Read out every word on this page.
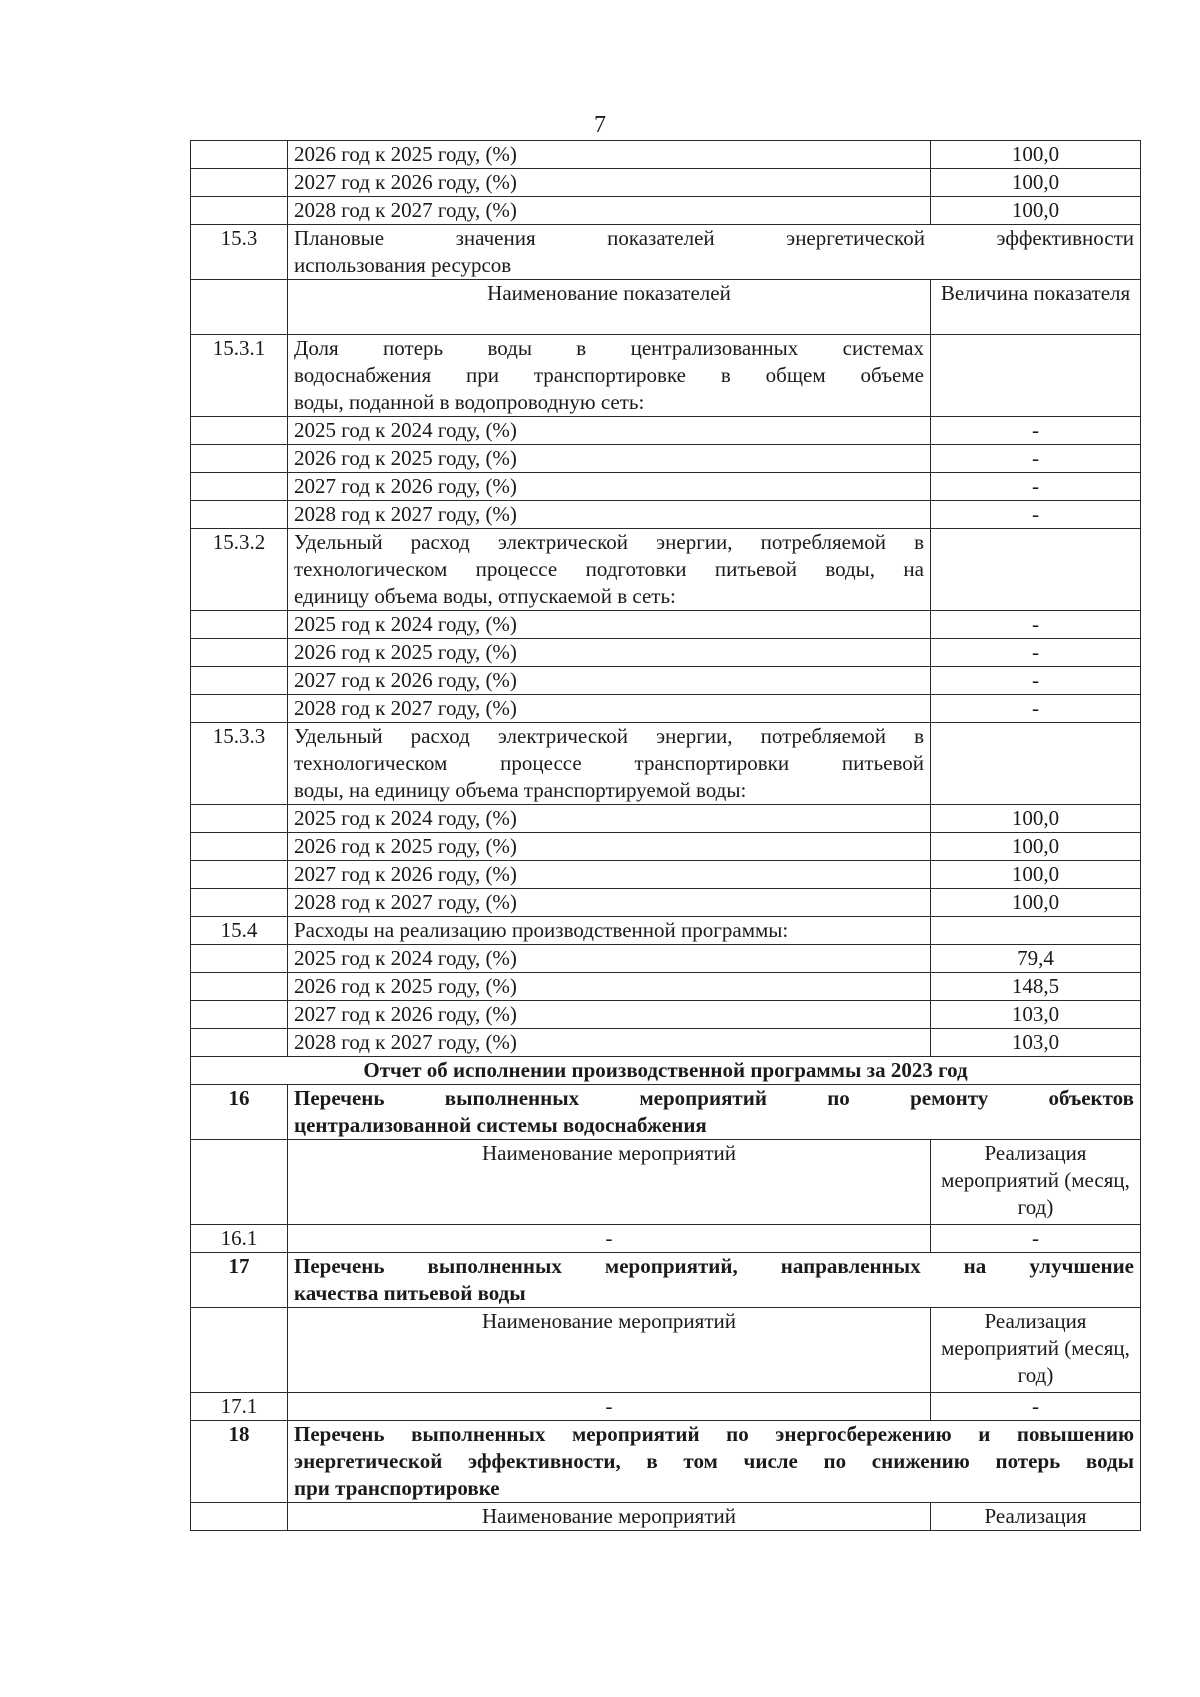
7
	2026 год к 2025 году, (%)	100,0
	2027 год к 2026 году, (%)	100,0
	2028 год к 2027 году, (%)	100,0
15.3	Плановые значения показателей энергетической эффективности
использования ресурсов	

	Наименование показателей	Величина показателя
15.3.1	Доля потерь воды в централизованных системах
водоснабжения при транспортировке в общем объеме
воды, поданной в водопроводную сеть:	

	2025 год к 2024 году, (%)	-
	2026 год к 2025 году, (%)	-
	2027 год к 2026 году, (%)	-
	2028 год к 2027 году, (%)	-
15.3.2	Удельный расход электрической энергии, потребляемой в
технологическом процессе подготовки питьевой воды, на
единицу объема воды, отпускаемой в сеть:	

	2025 год к 2024 году, (%)	-
	2026 год к 2025 году, (%)	-
	2027 год к 2026 году, (%)	-
	2028 год к 2027 году, (%)	-
15.3.3	Удельный расход электрической энергии, потребляемой в
технологическом процессе транспортировки питьевой
воды, на единицу объема транспортируемой воды:	

	2025 год к 2024 году, (%)	100,0
	2026 год к 2025 году, (%)	100,0
	2027 год к 2026 году, (%)	100,0
	2028 год к 2027 году, (%)	100,0
15.4	Расходы на реализацию производственной программы:	
	2025 год к 2024 году, (%)	79,4
	2026 год к 2025 году, (%)	148,5
	2027 год к 2026 году, (%)	103,0
	2028 год к 2027 году, (%)	103,0
Отчет об исполнении производственной программы за 2023 год		
16	Перечень выполненных мероприятий по ремонту объектов
централизованной системы водоснабжения	

	Наименование мероприятий	Реализация мероприятий (месяц, год)
16.1	-	-
17	Перечень выполненных мероприятий, направленных на улучшение
качества питьевой воды	

	Наименование мероприятий	Реализация мероприятий (месяц, год)
17.1	-	-
18	Перечень выполненных мероприятий по энергосбережению и повышению
энергетической эффективности, в том числе по снижению потерь воды
при транспортировке	

	Наименование мероприятий	Реализация
